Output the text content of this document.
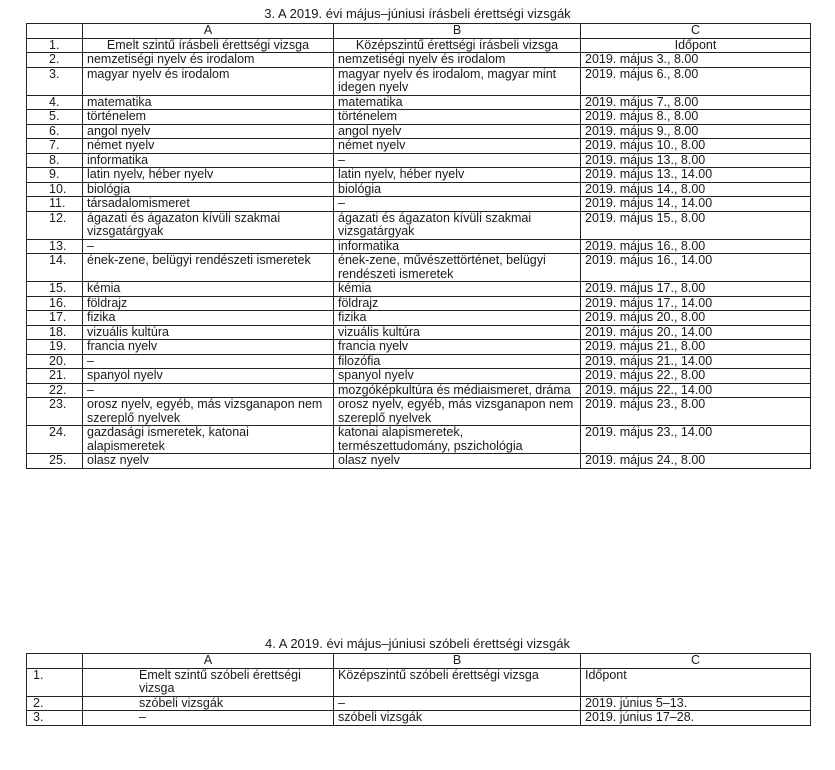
3. A 2019. évi május–júniusi írásbeli érettségi vizsgák
	A	B	C
1.	Emelt szintű írásbeli érettségi vizsga	Középszintű érettségi írásbeli vizsga	Időpont
2.	nemzetiségi nyelv és irodalom	nemzetiségi nyelv és irodalom	2019. május 3., 8.00
3.	magyar nyelv és irodalom	magyar nyelv és irodalom, magyar mint idegen nyelv	2019. május 6., 8.00
4.	matematika	matematika	2019. május 7., 8.00
5.	történelem	történelem	2019. május 8., 8.00
6.	angol nyelv	angol nyelv	2019. május 9., 8.00
7.	német nyelv	német nyelv	2019. május 10., 8.00
8.	informatika	–	2019. május 13., 8.00
9.	latin nyelv, héber nyelv	latin nyelv, héber nyelv	2019. május 13., 14.00
10.	biológia	biológia	2019. május 14., 8.00
11.	társadalomismeret	–	2019. május 14., 14.00
12.	ágazati és ágazaton kívüli szakmai vizsgatárgyak	ágazati és ágazaton kívüli szakmai vizsgatárgyak	2019. május 15., 8.00
13.	–	informatika	2019. május 16., 8.00
14.	ének-zene, belügyi rendészeti ismeretek	ének-zene, művészettörténet, belügyi rendészeti ismeretek	2019. május 16., 14.00
15.	kémia	kémia	2019. május 17., 8.00
16.	földrajz	földrajz	2019. május 17., 14.00
17.	fizika	fizika	2019. május 20., 8.00
18.	vizuális kultúra	vizuális kultúra	2019. május 20., 14.00
19.	francia nyelv	francia nyelv	2019. május 21., 8.00
20.	–	filozófia	2019. május 21., 14.00
21.	spanyol nyelv	spanyol nyelv	2019. május 22., 8.00
22.	–	mozgóképkultúra és médiaismeret, dráma	2019. május 22., 14.00
23.	orosz nyelv, egyéb, más vizsganapon nem szereplő nyelvek	orosz nyelv, egyéb, más vizsganapon nem szereplő nyelvek	2019. május 23., 8.00
24.	gazdasági ismeretek, katonai alapismeretek	katonai alapismeretek, természettudomány, pszichológia	2019. május 23., 14.00
25.	olasz nyelv	olasz nyelv	2019. május 24., 8.00
4. A 2019. évi május–júniusi szóbeli érettségi vizsgák
	A	B	C
1.	Emelt szintű szóbeli érettségi vizsga	Középszintű szóbeli érettségi vizsga	Időpont
2.	szóbeli vizsgák	–	2019. június 5–13.
3.	–	szóbeli vizsgák	2019. június 17–28.
